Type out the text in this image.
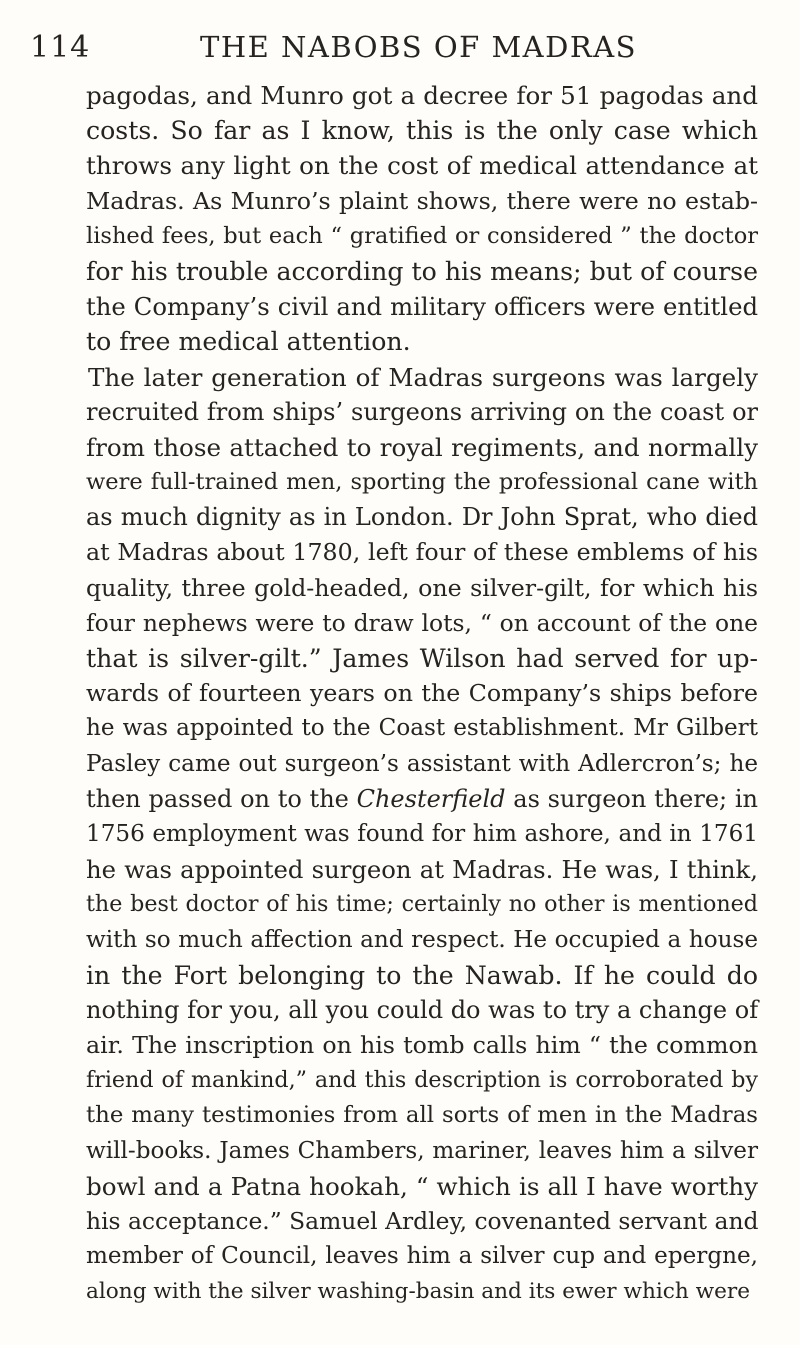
114	THE NABOBS OF MADRAS
pagodas, and Munro got a decree for 51 pagodas and
costs. So far as I know, this is the only case which
throws any light on the cost of medical attendance at
Madras. As Munro’s plaint shows, there were no estab-
lished fees, but each “ gratified or considered ” the doctor
for his trouble according to his means; but of course
the Company’s civil and military officers were entitled
to free medical attention.
The later generation of Madras surgeons was largely
recruited from ships’ surgeons arriving on the coast or
from those attached to royal regiments, and normally
were full-trained men, sporting the professional cane with
as much dignity as in London. Dr John Sprat, who died
at Madras about 1780, left four of these emblems of his
quality, three gold-headed, one silver-gilt, for which his
four nephews were to draw lots, “ on account of the one
that is silver-gilt.” James Wilson had served for up-
wards of fourteen years on the Company’s ships before
he was appointed to the Coast establishment. Mr Gilbert
Pasley came out surgeon’s assistant with Adlercron’s; he
then passed on to the Chesterfield as surgeon there; in
1756 employment was found for him ashore, and in 1761
he was appointed surgeon at Madras. He was, I think,
the best doctor of his time; certainly no other is mentioned
with so much affection and respect. He occupied a house
in the Fort belonging to the Nawab. If he could do
nothing for you, all you could do was to try a change of
air. The inscription on his tomb calls him “ the common
friend of mankind,” and this description is corroborated by
the many testimonies from all sorts of men in the Madras
will-books. James Chambers, mariner, leaves him a silver
bowl and a Patna hookah, “ which is all I have worthy
his acceptance.” Samuel Ardley, covenanted servant and
member of Council, leaves him a silver cup and epergne,
along with the silver washing-basin and its ewer which were
